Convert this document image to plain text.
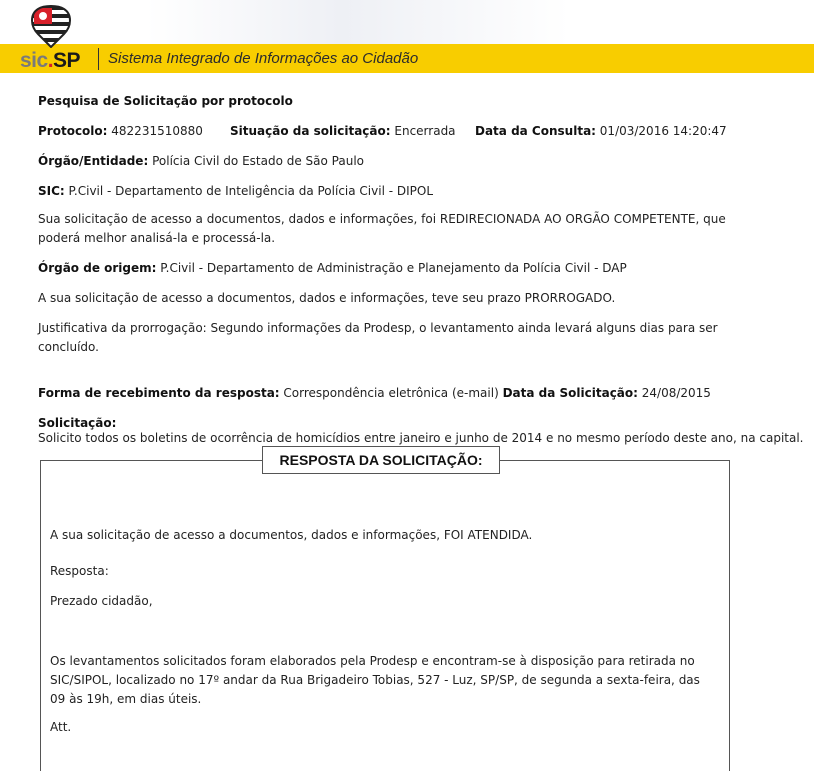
sic.SP Sistema Integrado de Informações ao Cidadão
Pesquisa de Solicitação por protocolo
Protocolo: 482231510880 Situação da solicitação: Encerrada Data da Consulta: 01/03/2016 14:20:47
Órgão/Entidade: Polícia Civil do Estado de São Paulo
SIC: P.Civil - Departamento de Inteligência da Polícia Civil - DIPOL
Sua solicitação de acesso a documentos, dados e informações, foi REDIRECIONADA AO ORGÃO COMPETENTE, que
poderá melhor analisá-la e processá-la.
Órgão de origem: P.Civil - Departamento de Administração e Planejamento da Polícia Civil - DAP
A sua solicitação de acesso a documentos, dados e informações, teve seu prazo PRORROGADO.
Justificativa da prorrogação: Segundo informações da Prodesp, o levantamento ainda levará alguns dias para ser
concluído.
Forma de recebimento da resposta: Correspondência eletrônica (e-mail) Data da Solicitação: 24/08/2015
Solicitação:
Solicito todos os boletins de ocorrência de homicídios entre janeiro e junho de 2014 e no mesmo período deste ano, na capital.
RESPOSTA DA SOLICITAÇÃO:
A sua solicitação de acesso a documentos, dados e informações, FOI ATENDIDA.
Resposta:
Prezado cidadão,
Os levantamentos solicitados foram elaborados pela Prodesp e encontram-se à disposição para retirada no
SIC/SIPOL, localizado no 17º andar da Rua Brigadeiro Tobias, 527 - Luz, SP/SP, de segunda a sexta-feira, das
09 às 19h, em dias úteis.
Att.
